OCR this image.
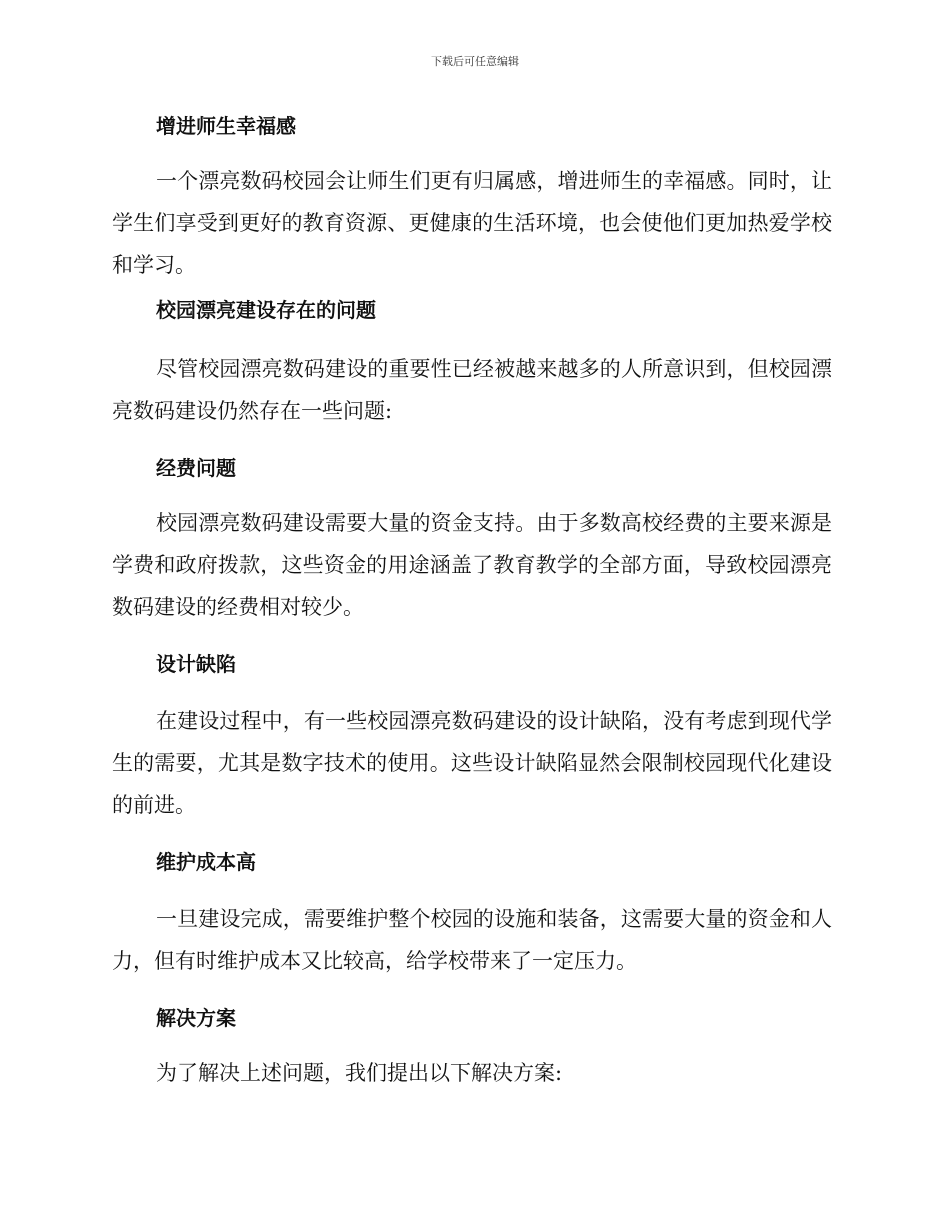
下载后可任意编辑
增进师生幸福感

一个漂亮数码校园会让师生们更有归属感，增进师生的幸福感。同时，让学生们享受到更好的教育资源、更健康的生活环境，也会使他们更加热爱学校和学习。

校园漂亮建设存在的问题

尽管校园漂亮数码建设的重要性已经被越来越多的人所意识到，但校园漂亮数码建设仍然存在一些问题:

经费问题

校园漂亮数码建设需要大量的资金支持。由于多数高校经费的主要来源是学费和政府拨款，这些资金的用途涵盖了教育教学的全部方面，导致校园漂亮数码建设的经费相对较少。

设计缺陷

在建设过程中，有一些校园漂亮数码建设的设计缺陷，没有考虑到现代学生的需要，尤其是数字技术的使用。这些设计缺陷显然会限制校园现代化建设的前进。

维护成本高

一旦建设完成，需要维护整个校园的设施和装备，这需要大量的资金和人力，但有时维护成本又比较高，给学校带来了一定压力。

解决方案

为了解决上述问题，我们提出以下解决方案:
